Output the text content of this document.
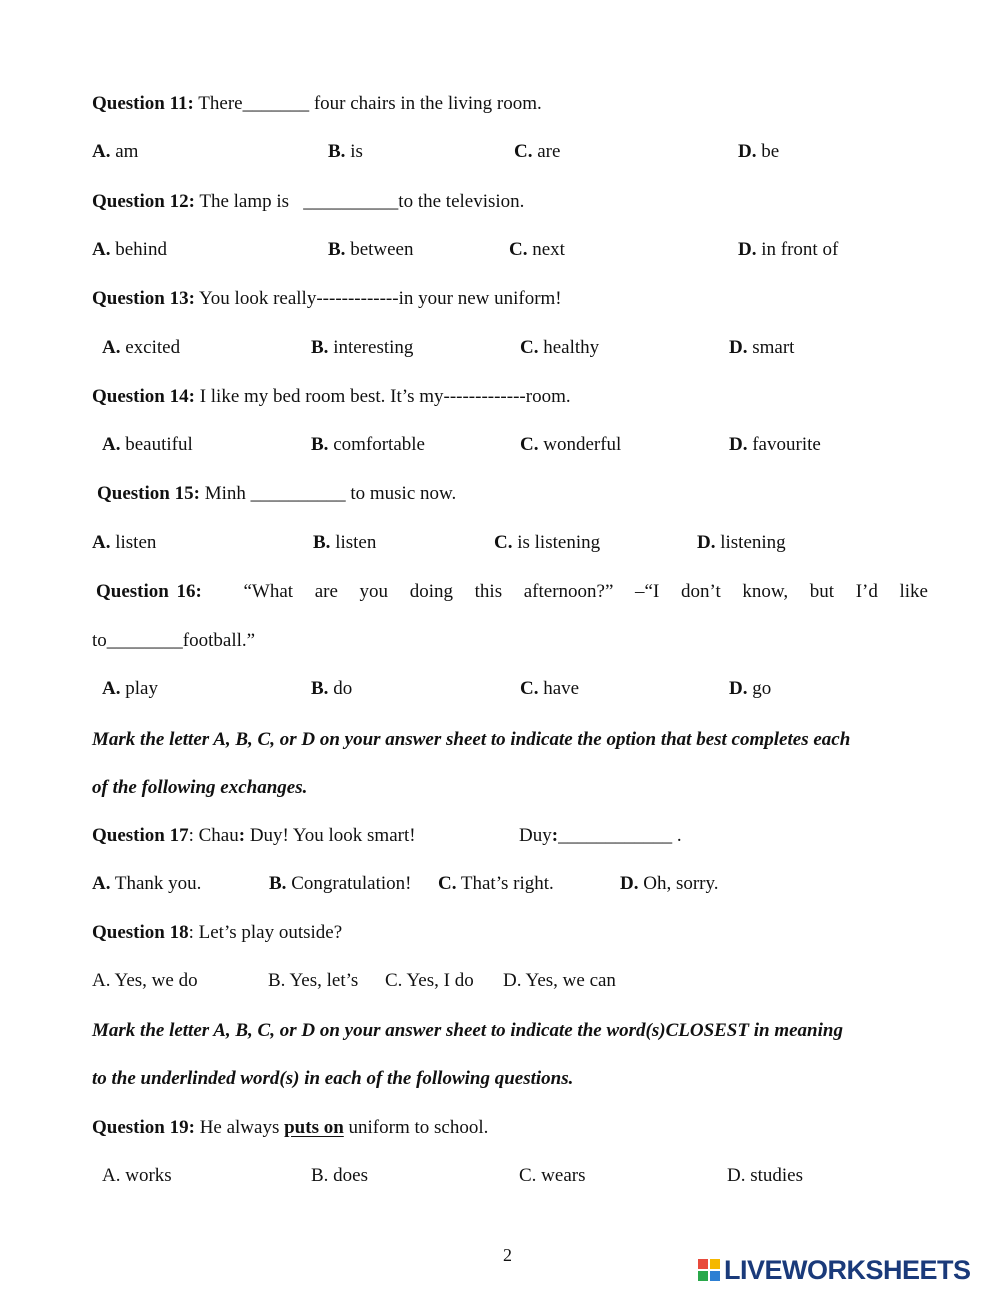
Question 11: There_______ four chairs in the living room.
A. am	B. is	C. are	D. be
Question 12: The lamp is   __________to the television.
A. behind	B. between	C. next	D. in front of
Question 13: You look really-------------in your new uniform!
A. excited	B. interesting	C. healthy	D. smart
Question 14: I like my bed room best. It’s my-------------room.
A. beautiful	B. comfortable	C. wonderful	D. favourite
Question 15: Minh __________ to music now.
A. listen	B. listen	C. is listening	D. listening
Question 16: “What are you doing this afternoon?” –“I don’t know, but I’d like
to________football.”
A. play	B. do	C. have	D. go
Mark the letter A, B, C, or D on your answer sheet to indicate the option that best completes each
of the following exchanges.
Question 17: Chau: Duy! You look smart!	Duy:____________ .
A. Thank you.	B. Congratulation! C. That’s right.	D. Oh, sorry.
Question 18: Let’s play outside?
A. Yes, we do	B. Yes, let’s C. Yes, I do D. Yes, we can
Mark the letter A, B, C, or D on your answer sheet to indicate the word(s)CLOSEST in meaning
to the underlinded word(s) in each of the following questions.
Question 19: He always puts on uniform to school.
A. works	B. does	C. wears	D. studies
2	LIVEWORKSHEETS
